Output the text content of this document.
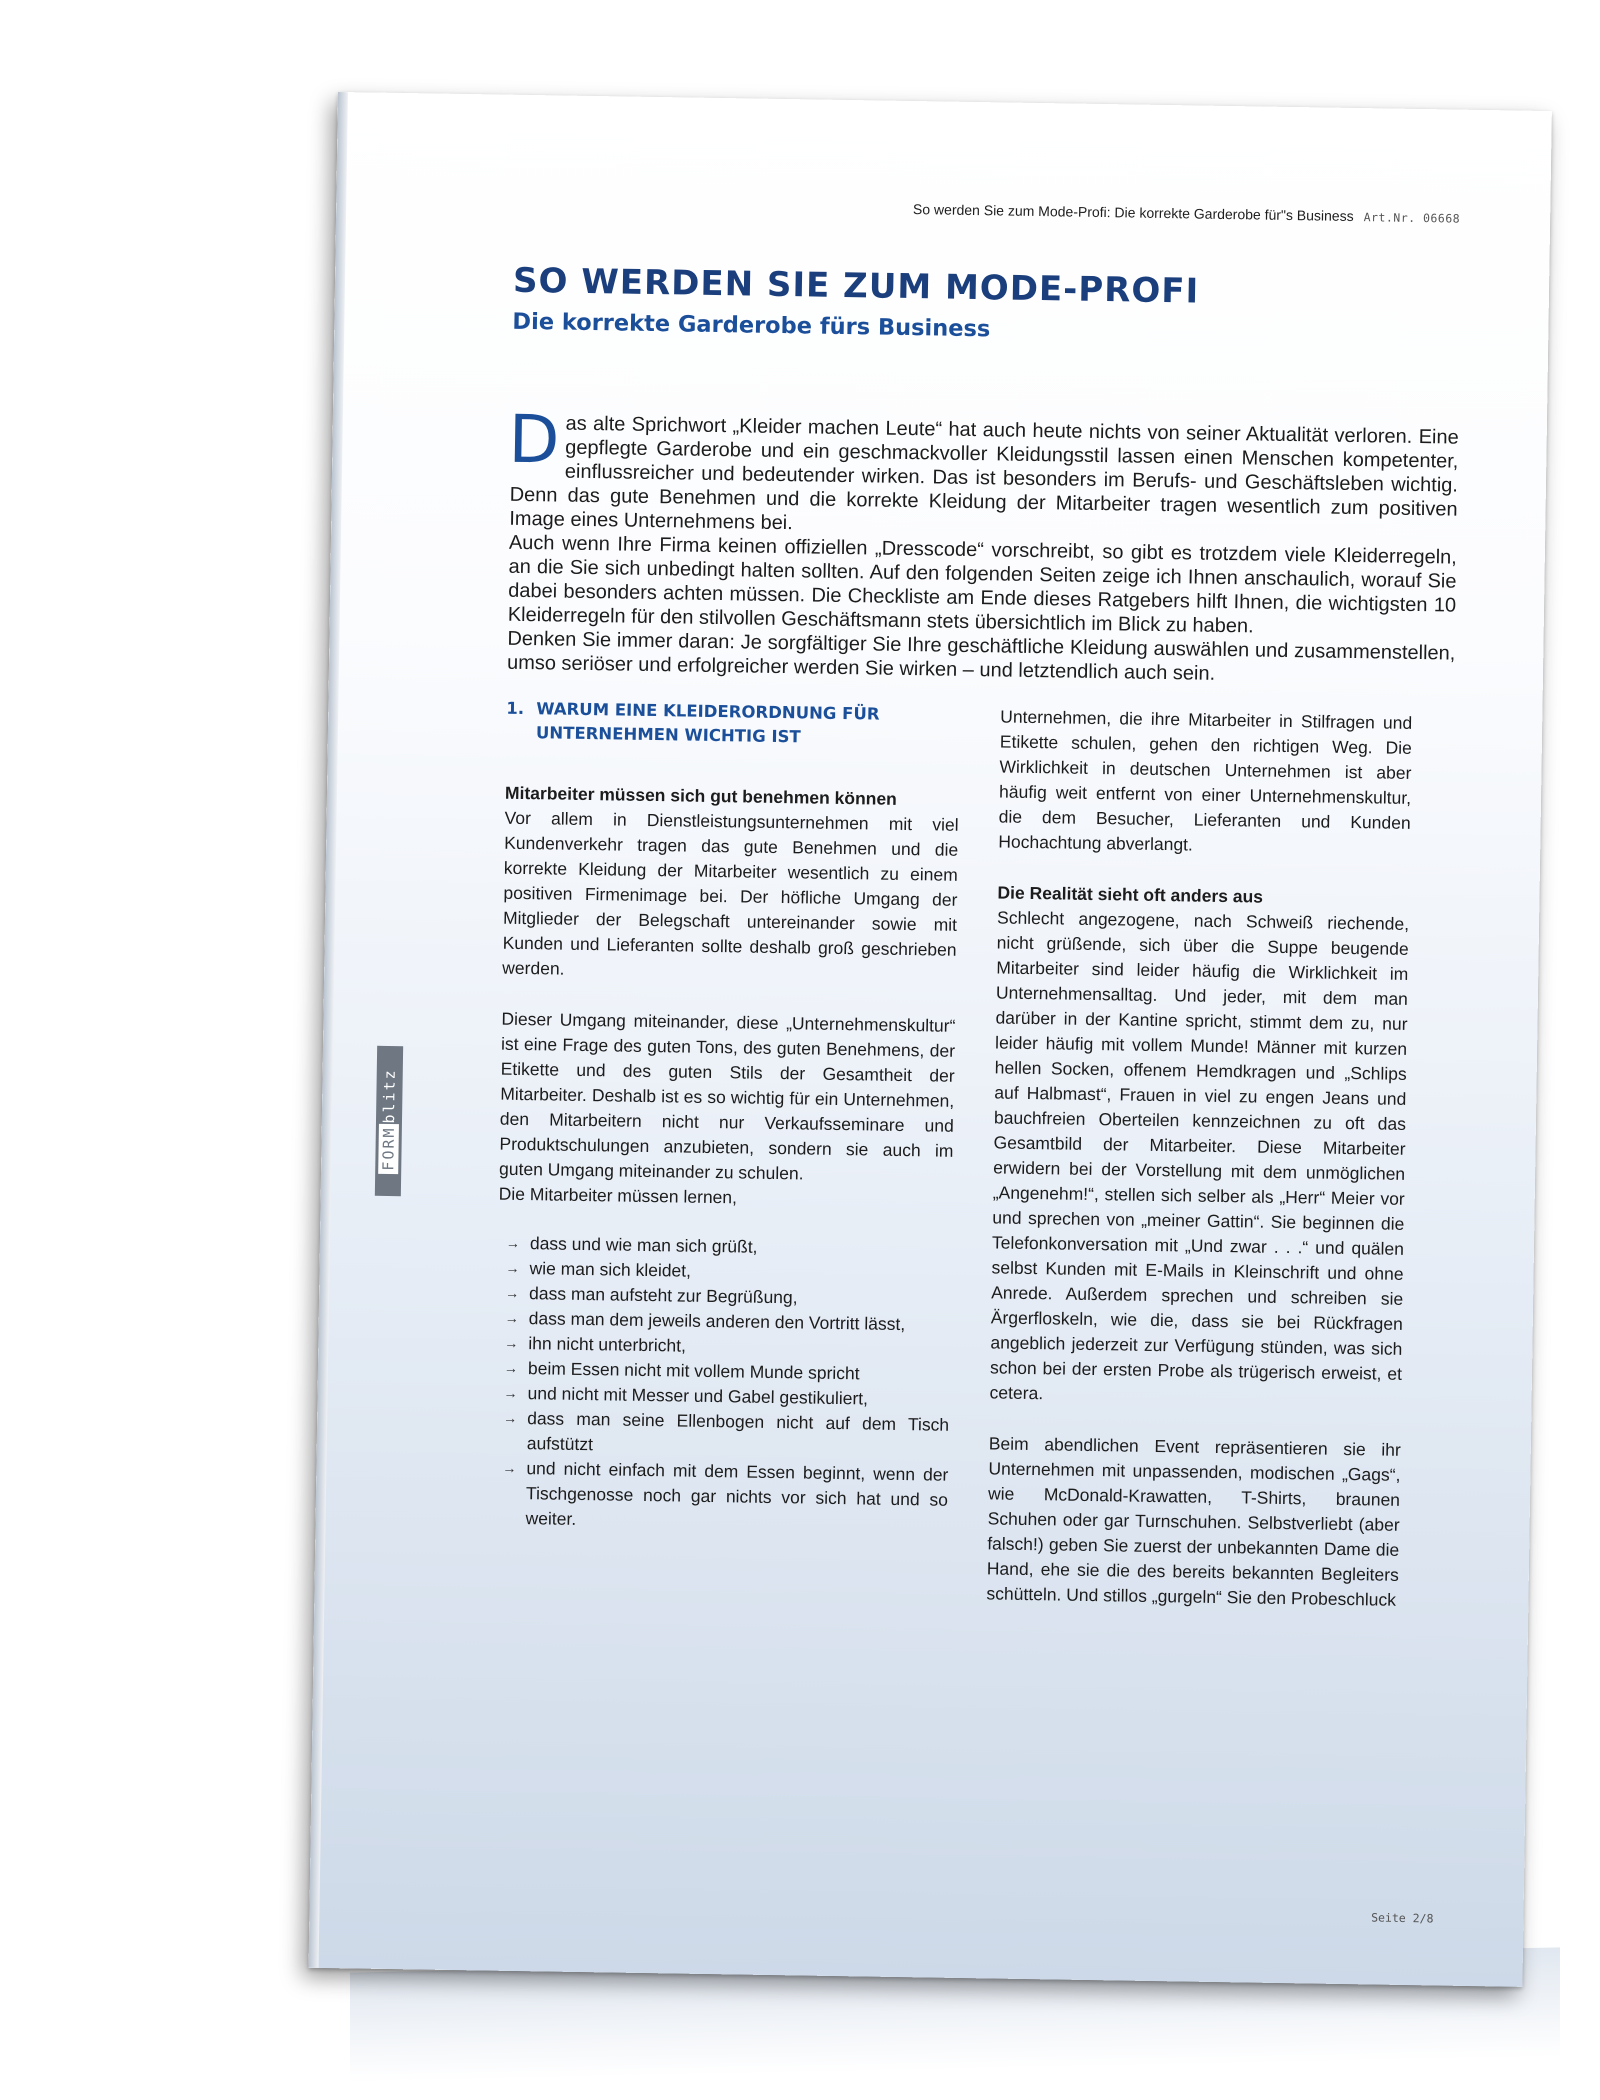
So werden Sie zum Mode-Profi: Die korrekte Garderobe für"s Business Art.Nr. 06668
SO WERDEN SIE ZUM MODE-PROFI
Die korrekte Garderobe fürs Business

Das alte Sprichwort „Kleider machen Leute“ hat auch heute nichts von seiner Aktualität verloren. Eine gepflegte Garderobe und ein geschmackvoller Kleidungsstil lassen einen Menschen kompetenter, einflussreicher und bedeutender wirken. Das ist besonders im Berufs- und Geschäftsleben wichtig. Denn das gute Benehmen und die korrekte Kleidung der Mitarbeiter tragen wesentlich zum positiven Image eines Unternehmens bei.

Auch wenn Ihre Firma keinen offiziellen „Dresscode“ vorschreibt, so gibt es trotzdem viele Kleiderregeln, an die Sie sich unbedingt halten sollten. Auf den folgenden Seiten zeige ich Ihnen anschaulich, worauf Sie dabei besonders achten müssen. Die Checkliste am Ende dieses Ratgebers hilft Ihnen, die wichtigsten 10 Kleiderregeln für den stilvollen Geschäftsmann stets übersichtlich im Blick zu haben.

Denken Sie immer daran: Je sorgfältiger Sie Ihre geschäftliche Kleidung auswählen und zusammenstellen, umso seriöser und erfolgreicher werden Sie wirken – und letztendlich auch sein.

1. WARUM EINE KLEIDERORDNUNG FÜR UNTERNEHMEN WICHTIG IST

Mitarbeiter müssen sich gut benehmen können

Vor allem in Dienstleistungsunternehmen mit viel Kundenverkehr tragen das gute Benehmen und die korrekte Kleidung der Mitarbeiter wesentlich zu einem positiven Firmenimage bei. Der höfliche Umgang der Mitglieder der Belegschaft untereinander sowie mit Kunden und Lieferanten sollte deshalb groß geschrieben werden.

Dieser Umgang miteinander, diese „Unternehmenskultur“ ist eine Frage des guten Tons, des guten Benehmens, der Etikette und des guten Stils der Gesamtheit der Mitarbeiter. Deshalb ist es so wichtig für ein Unternehmen, den Mitarbeitern nicht nur Verkaufsseminare und Produktschulungen anzubieten, sondern sie auch im guten Umgang miteinander zu schulen.

Die Mitarbeiter müssen lernen,

→ dass und wie man sich grüßt,
→ wie man sich kleidet,
→ dass man aufsteht zur Begrüßung,
→ dass man dem jeweils anderen den Vortritt lässt,
→ ihn nicht unterbricht,
→ beim Essen nicht mit vollem Munde spricht
→ und nicht mit Messer und Gabel gestikuliert,
→ dass man seine Ellenbogen nicht auf dem Tisch aufstützt
→ und nicht einfach mit dem Essen beginnt, wenn der Tischgenosse noch gar nichts vor sich hat und so weiter.

Unternehmen, die ihre Mitarbeiter in Stilfragen und Etikette schulen, gehen den richtigen Weg. Die Wirklichkeit in deutschen Unternehmen ist aber häufig weit entfernt von einer Unternehmenskultur, die dem Besucher, Lieferanten und Kunden Hochachtung abverlangt.

Die Realität sieht oft anders aus

Schlecht angezogene, nach Schweiß riechende, nicht grüßende, sich über die Suppe beugende Mitarbeiter sind leider häufig die Wirklichkeit im Unternehmensalltag. Und jeder, mit dem man darüber in der Kantine spricht, stimmt dem zu, nur leider häufig mit vollem Munde! Männer mit kurzen hellen Socken, offenem Hemdkragen und „Schlips auf Halbmast“, Frauen in viel zu engen Jeans und bauchfreien Oberteilen kennzeichnen zu oft das Gesamtbild der Mitarbeiter. Diese Mitarbeiter erwidern bei der Vorstellung mit dem unmöglichen „Angenehm!“, stellen sich selber als „Herr“ Meier vor und sprechen von „meiner Gattin“. Sie beginnen die Telefonkonversation mit „Und zwar . . .“ und quälen selbst Kunden mit E-Mails in Kleinschrift und ohne Anrede. Außerdem sprechen und schreiben sie Ärgerfloskeln, wie die, dass sie bei Rückfragen angeblich jederzeit zur Verfügung stünden, was sich schon bei der ersten Probe als trügerisch erweist, et cetera.

Beim abendlichen Event repräsentieren sie ihr Unternehmen mit unpassenden, modischen „Gags“, wie McDonald-Krawatten, T-Shirts, braunen Schuhen oder gar Turnschuhen. Selbstverliebt (aber falsch!) geben Sie zuerst der unbekannten Dame die Hand, ehe sie die des bereits bekannten Begleiters schütteln. Und stillos „gurgeln“ Sie den Probeschluck

Seite 2/8
FORMblitz
